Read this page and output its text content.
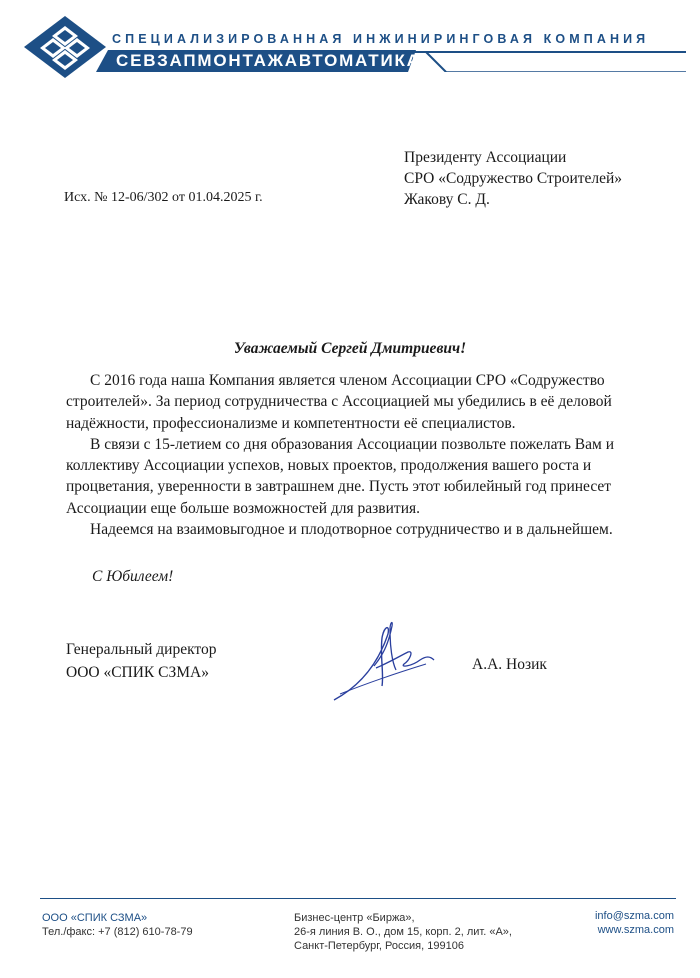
СПЕЦИАЛИЗИРОВАННАЯ ИНЖИНИРИНГОВАЯ КОМПАНИЯ
СЕВЗАПМОНТАЖАВТОМАТИКА
Президенту Ассоциации
СРО «Содружество Строителей»
Жакову С. Д.
Исх. № 12-06/302 от 01.04.2025 г.
Уважаемый Сергей Дмитриевич!

С 2016 года наша Компания является членом Ассоциации СРО «Содружество строителей». За период сотрудничества с Ассоциацией мы убедились в её деловой надёжности, профессионализме и компетентности её специалистов.

В связи с 15-летием со дня образования Ассоциации позвольте пожелать Вам и коллективу Ассоциации успехов, новых проектов, продолжения вашего роста и процветания, уверенности в завтрашнем дне. Пусть этот юбилейный год принесет Ассоциации еще больше возможностей для развития.

Надеемся на взаимовыгодное и плодотворное сотрудничество и в дальнейшем.

С Юбилеем!
Генеральный директор
ООО «СПИК СЗМА»	А.А. Нозик
ООО «СПИК СЗМА»
Тел./факс: +7 (812) 610-78-79
Бизнес-центр «Биржа»,
26-я линия В. О., дом 15, корп. 2, лит. «А»,
Санкт-Петербург, Россия, 199106
info@szma.com
www.szma.com
